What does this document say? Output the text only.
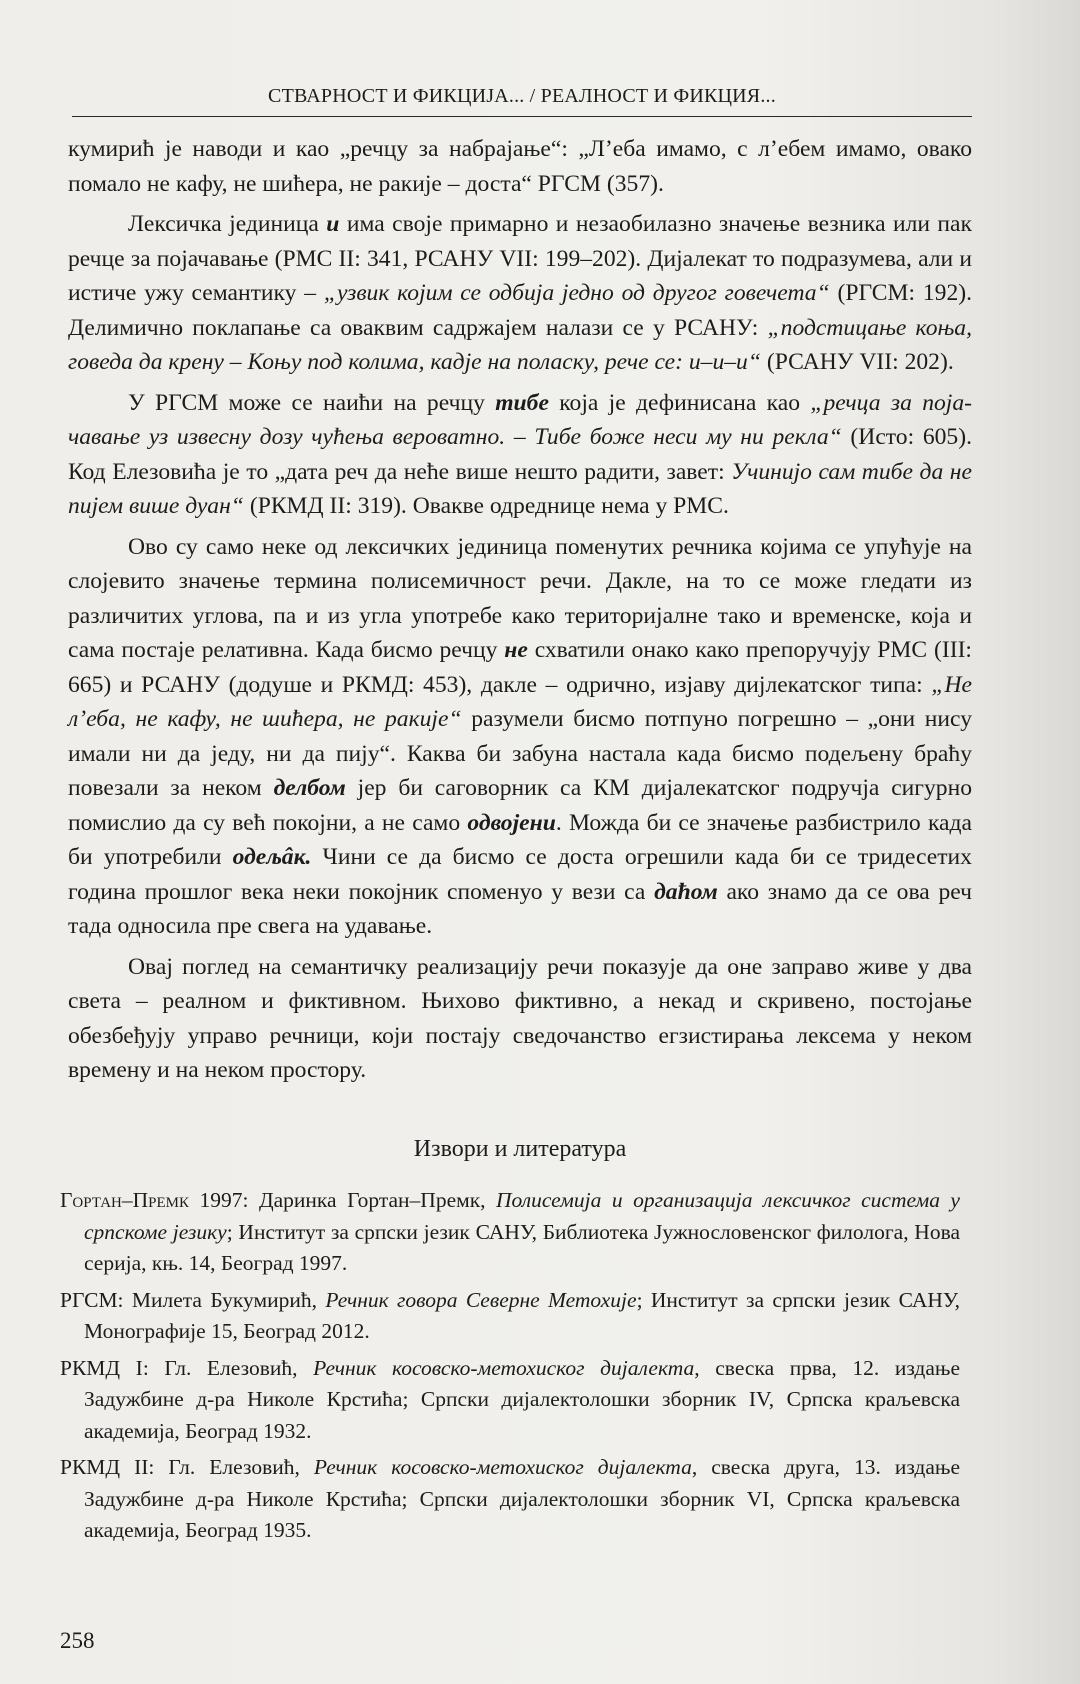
СТВАРНОСТ И ФИКЦИЈА... / РЕАЛНОСТ И ФИКЦИЯ...

кумирић је наводи и као „речцу за набрајање“: „Л’еба имамо, с л’ебем имамо, овако помало не кафу, не шићера, не ракије – доста“ РГСМ (357).

Лексичка јединица и има своје примарно и незаобилазно значење везника или пак речце за појачавање (РМС II: 341, РСАНУ VII: 199–202). Дијалекат то подразумева, али и истиче ужу семантику – „узвик којим се одбија једно од другог говечета“ (РГСМ: 192). Делимично поклапање са оваквим садржајем налази се у РСАНУ: „подстицање коња, говеда да крену – Коњу под колима, кадје на поласку, рече се: и–и–и“ (РСАНУ VII: 202).

У РГСМ може се наићи на речцу тибе која је дефинисана као „речца за појачавање уз извесну дозу чућења вероватно. – Тибе боже неси му ни рекла“ (Исто: 605). Код Елезовића је то „дата реч да неће више нешто радити, завет: Учинијо сам тибе да не пијем више дуан“ (РКМД II: 319). Овакве одреднице нема у РМС.

Ово су само неке од лексичких јединица поменутих речника којима се упућује на слојевито значење термина полисемичност речи. Дакле, на то се може гледати из различитих углова, па и из угла употребе како територијалне тако и временске, која и сама постаје релативна. Када бисмо речцу не схватили онако како препоручују РМС (III: 665) и РСАНУ (додуше и РКМД: 453), дакле – одрично, изјаву дијлекатског типа: „Не л’еба, не кафу, не шићера, не ракије“ разумели бисмо потпуно погрешно – „они нису имали ни да једу, ни да пију“. Каква би забуна настала када бисмо подељену браћу повезали за неком делбом јер би саговорник са КМ дијалекатског подручја сигурно помислио да су већ покојни, а не само одвојени. Можда би се значење разбистрило када би употребили одељâк. Чини се да бисмо се доста огрешили када би се тридесетих година прошлог века неки покојник споменуо у вези са даћом ако знамо да се ова реч тада односила пре свега на удавање.

Овај поглед на семантичку реализацију речи показује да оне заправо живе у два света – реалном и фиктивном. Њихово фиктивно, а некад и скривено, постојање обезбеђују управо речници, који постају сведочанство егзистирања лексема у неком времену и на неком простору.

Извори и литература

Гортан–Премк 1997: Даринка Гортан–Премк, Полисемија и организација лексичког система у српскоме језику; Институт за српски језик САНУ, Библиотека Јужнословенског филолога, Нова серија, књ. 14, Београд 1997.

РГСМ: Милета Букумирић, Речник говора Северне Метохије; Институт за српски језик САНУ, Монографије 15, Београд 2012.

РКМД I: Гл. Елезовић, Речник косовско-метохиског дијалекта, свеска прва, 12. издање Задужбине д-ра Николе Крстића; Српски дијалектолошки зборник IV, Српска краљевска академија, Београд 1932.

РКМД II: Гл. Елезовић, Речник косовско-метохиског дијалекта, свеска друга, 13. издање Задужбине д-ра Николе Крстића; Српски дијалектолошки зборник VI, Српска краљевска академија, Београд 1935.

258
